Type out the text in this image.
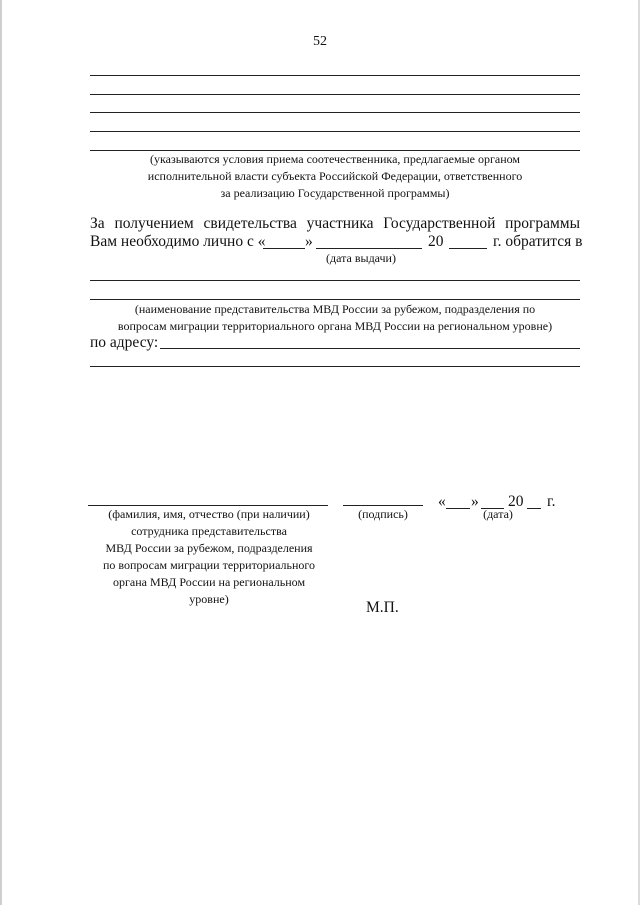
52
(указываются условия приема соотечественника, предлагаемые органом
исполнительной власти субъекта Российской Федерации, ответственного
за реализацию Государственной программы)
За получением свидетельства участника Государственной программы
Вам необходимо лично с «	»	20	г. обратится в
(дата выдачи)
(наименование представительства МВД России за рубежом, подразделения по
вопросам миграции территориального органа МВД России на региональном уровне)
по адресу:
« » 20 г.
(фамилия, имя, отчество (при наличии)
сотрудника представительства
МВД России за рубежом, подразделения
по вопросам миграции территориального
органа МВД России на региональном
уровне)
(подпись)	(дата)
М.П.
